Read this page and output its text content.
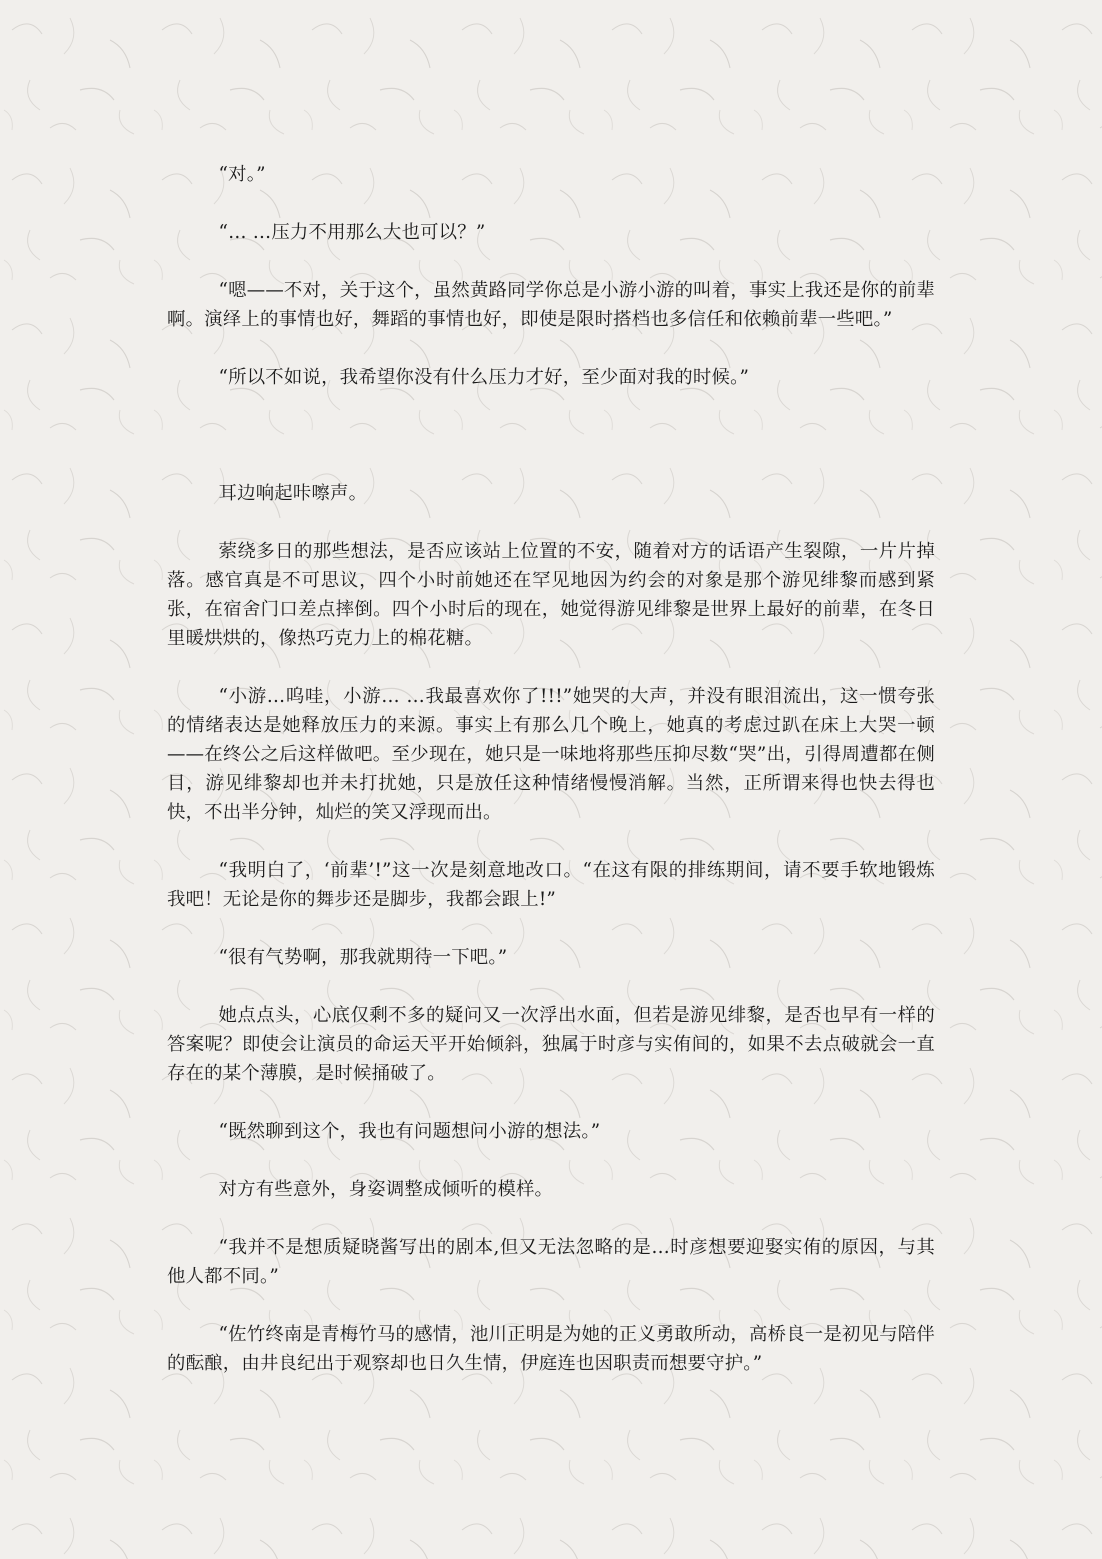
“对。”

“… …压力不用那么大也可以？”

“嗯——不对，关于这个，虽然黄路同学你总是小游小游的叫着，事实上我还是你的前辈啊。演绎上的事情也好，舞蹈的事情也好，即使是限时搭档也多信任和依赖前辈一些吧。”

“所以不如说，我希望你没有什么压力才好，至少面对我的时候。”

耳边响起咔嚓声。

萦绕多日的那些想法，是否应该站上位置的不安，随着对方的话语产生裂隙，一片片掉落。感官真是不可思议，四个小时前她还在罕见地因为约会的对象是那个游见绯黎而感到紧张，在宿舍门口差点摔倒。四个小时后的现在，她觉得游见绯黎是世界上最好的前辈，在冬日里暖烘烘的，像热巧克力上的棉花糖。

“小游…呜哇，小游… …我最喜欢你了!!!”她哭的大声，并没有眼泪流出，这一惯夸张的情绪表达是她释放压力的来源。事实上有那么几个晚上，她真的考虑过趴在床上大哭一顿——在终公之后这样做吧。至少现在，她只是一味地将那些压抑尽数“哭”出，引得周遭都在侧目，游见绯黎却也并未打扰她，只是放任这种情绪慢慢消解。当然，正所谓来得也快去得也快，不出半分钟，灿烂的笑又浮现而出。

“我明白了，‘前辈’!”这一次是刻意地改口。“在这有限的排练期间，请不要手软地锻炼我吧！无论是你的舞步还是脚步，我都会跟上!”

“很有气势啊，那我就期待一下吧。”

她点点头，心底仅剩不多的疑问又一次浮出水面，但若是游见绯黎，是否也早有一样的答案呢？即使会让演员的命运天平开始倾斜，独属于时彦与实侑间的，如果不去点破就会一直存在的某个薄膜，是时候捅破了。

“既然聊到这个，我也有问题想问小游的想法。”

对方有些意外，身姿调整成倾听的模样。

“我并不是想质疑晓酱写出的剧本,但又无法忽略的是…时彦想要迎娶实侑的原因，与其他人都不同。”

“佐竹终南是青梅竹马的感情，池川正明是为她的正义勇敢所动，高桥良一是初见与陪伴的酝酿，由井良纪出于观察却也日久生情，伊庭连也因职责而想要守护。”
